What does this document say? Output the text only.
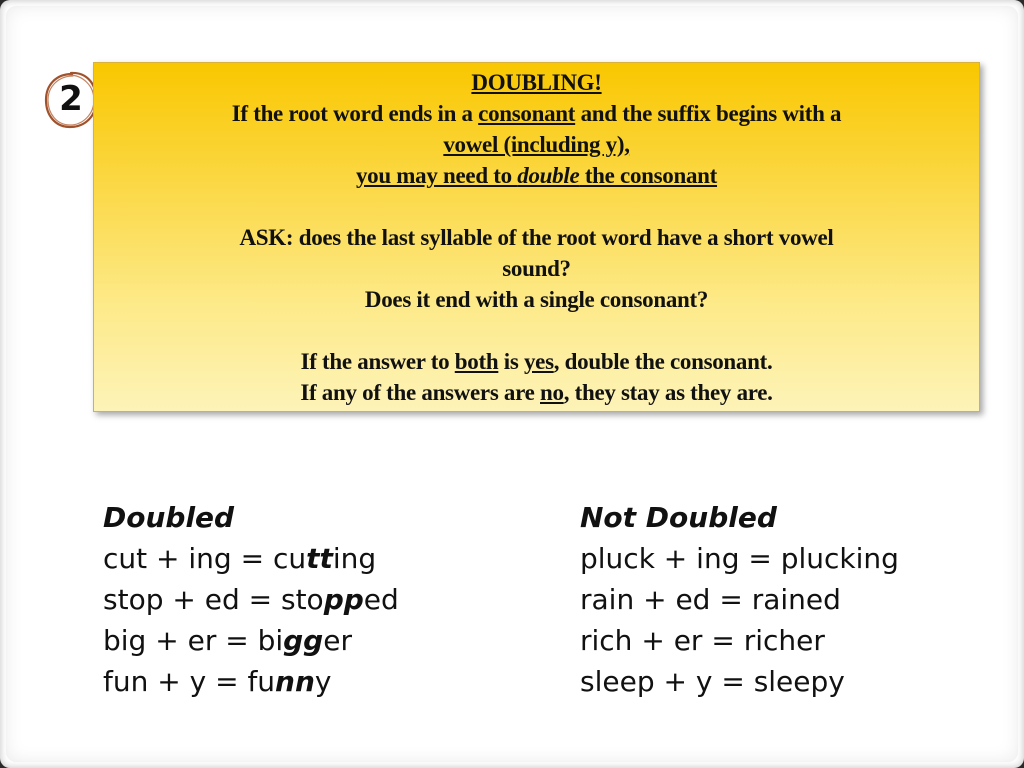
2	DOUBLING!

If the root word ends in a consonant and the suffix begins with a

vowel (including y),

you may need to double the consonant

ASK: does the last syllable of the root word have a short vowel

sound?

Does it end with a single consonant?

If the answer to both is yes, double the consonant.

If any of the answers are no, they stay as they are.

Doubled
cut + ing = cutting
stop + ed = stopped
big + er = bigger
fun + y = funny
Not Doubled
pluck + ing = plucking
rain + ed = rained
rich + er = richer
sleep + y = sleepy
